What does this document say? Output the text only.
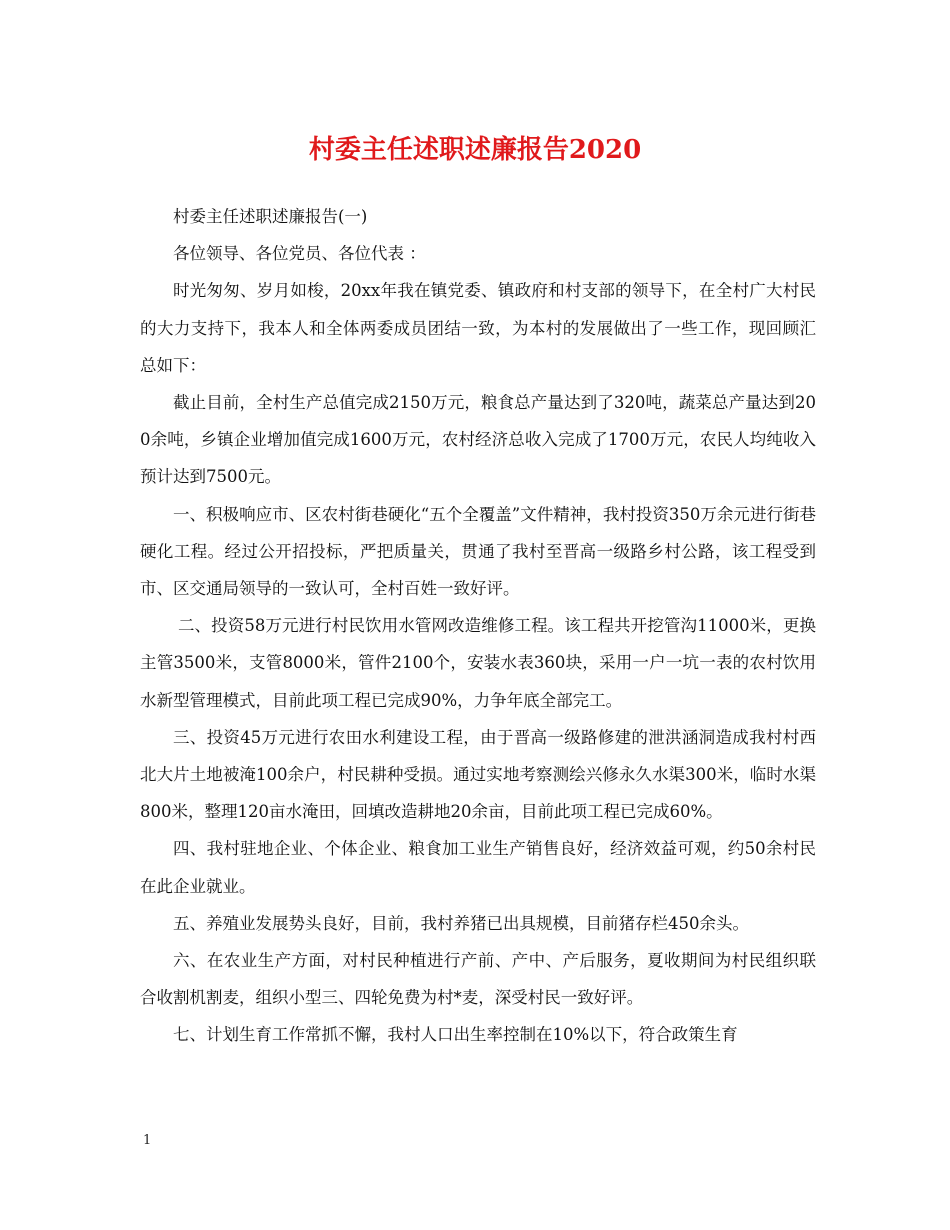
村委主任述职述廉报告2020

村委主任述职述廉报告(一)

各位领导、各位党员、各位代表 ：

时光匆匆、岁月如梭，20xx年我在镇党委、镇政府和村支部的领导下，在全村广大村民的大力支持下，我本人和全体两委成员团结一致，为本村的发展做出了一些工作，现回顾汇总如下：

截止目前，全村生产总值完成2150万元，粮食总产量达到了320吨，蔬菜总产量达到200余吨，乡镇企业增加值完成1600万元，农村经济总收入完成了1700万元，农民人均纯收入预计达到7500元。

一、积极响应市、区农村街巷硬化“五个全覆盖”文件精神，我村投资350万余元进行街巷硬化工程。经过公开招投标，严把质量关，贯通了我村至晋高一级路乡村公路，该工程受到市、区交通局领导的一致认可，全村百姓一致好评。

二、投资58万元进行村民饮用水管网改造维修工程。该工程共开挖管沟11000米，更换主管3500米，支管8000米，管件2100个，安装水表360块，采用一户一坑一表的农村饮用水新型管理模式，目前此项工程已完成90%，力争年底全部完工。

三、投资45万元进行农田水利建设工程，由于晋高一级路修建的泄洪涵洞造成我村村西北大片土地被淹100余户，村民耕种受损。通过实地考察测绘兴修永久水渠300米，临时水渠800米，整理120亩水淹田，回填改造耕地20余亩，目前此项工程已完成60%。

四、我村驻地企业、个体企业、粮食加工业生产销售良好，经济效益可观，约50余村民在此企业就业。

五、养殖业发展势头良好，目前，我村养猪已出具规模，目前猪存栏450余头。

六、在农业生产方面，对村民种植进行产前、产中、产后服务，夏收期间为村民组织联合收割机割麦，组织小型三、四轮免费为村*麦，深受村民一致好评。

七、计划生育工作常抓不懈，我村人口出生率控制在10%以下，符合政策生育

1
